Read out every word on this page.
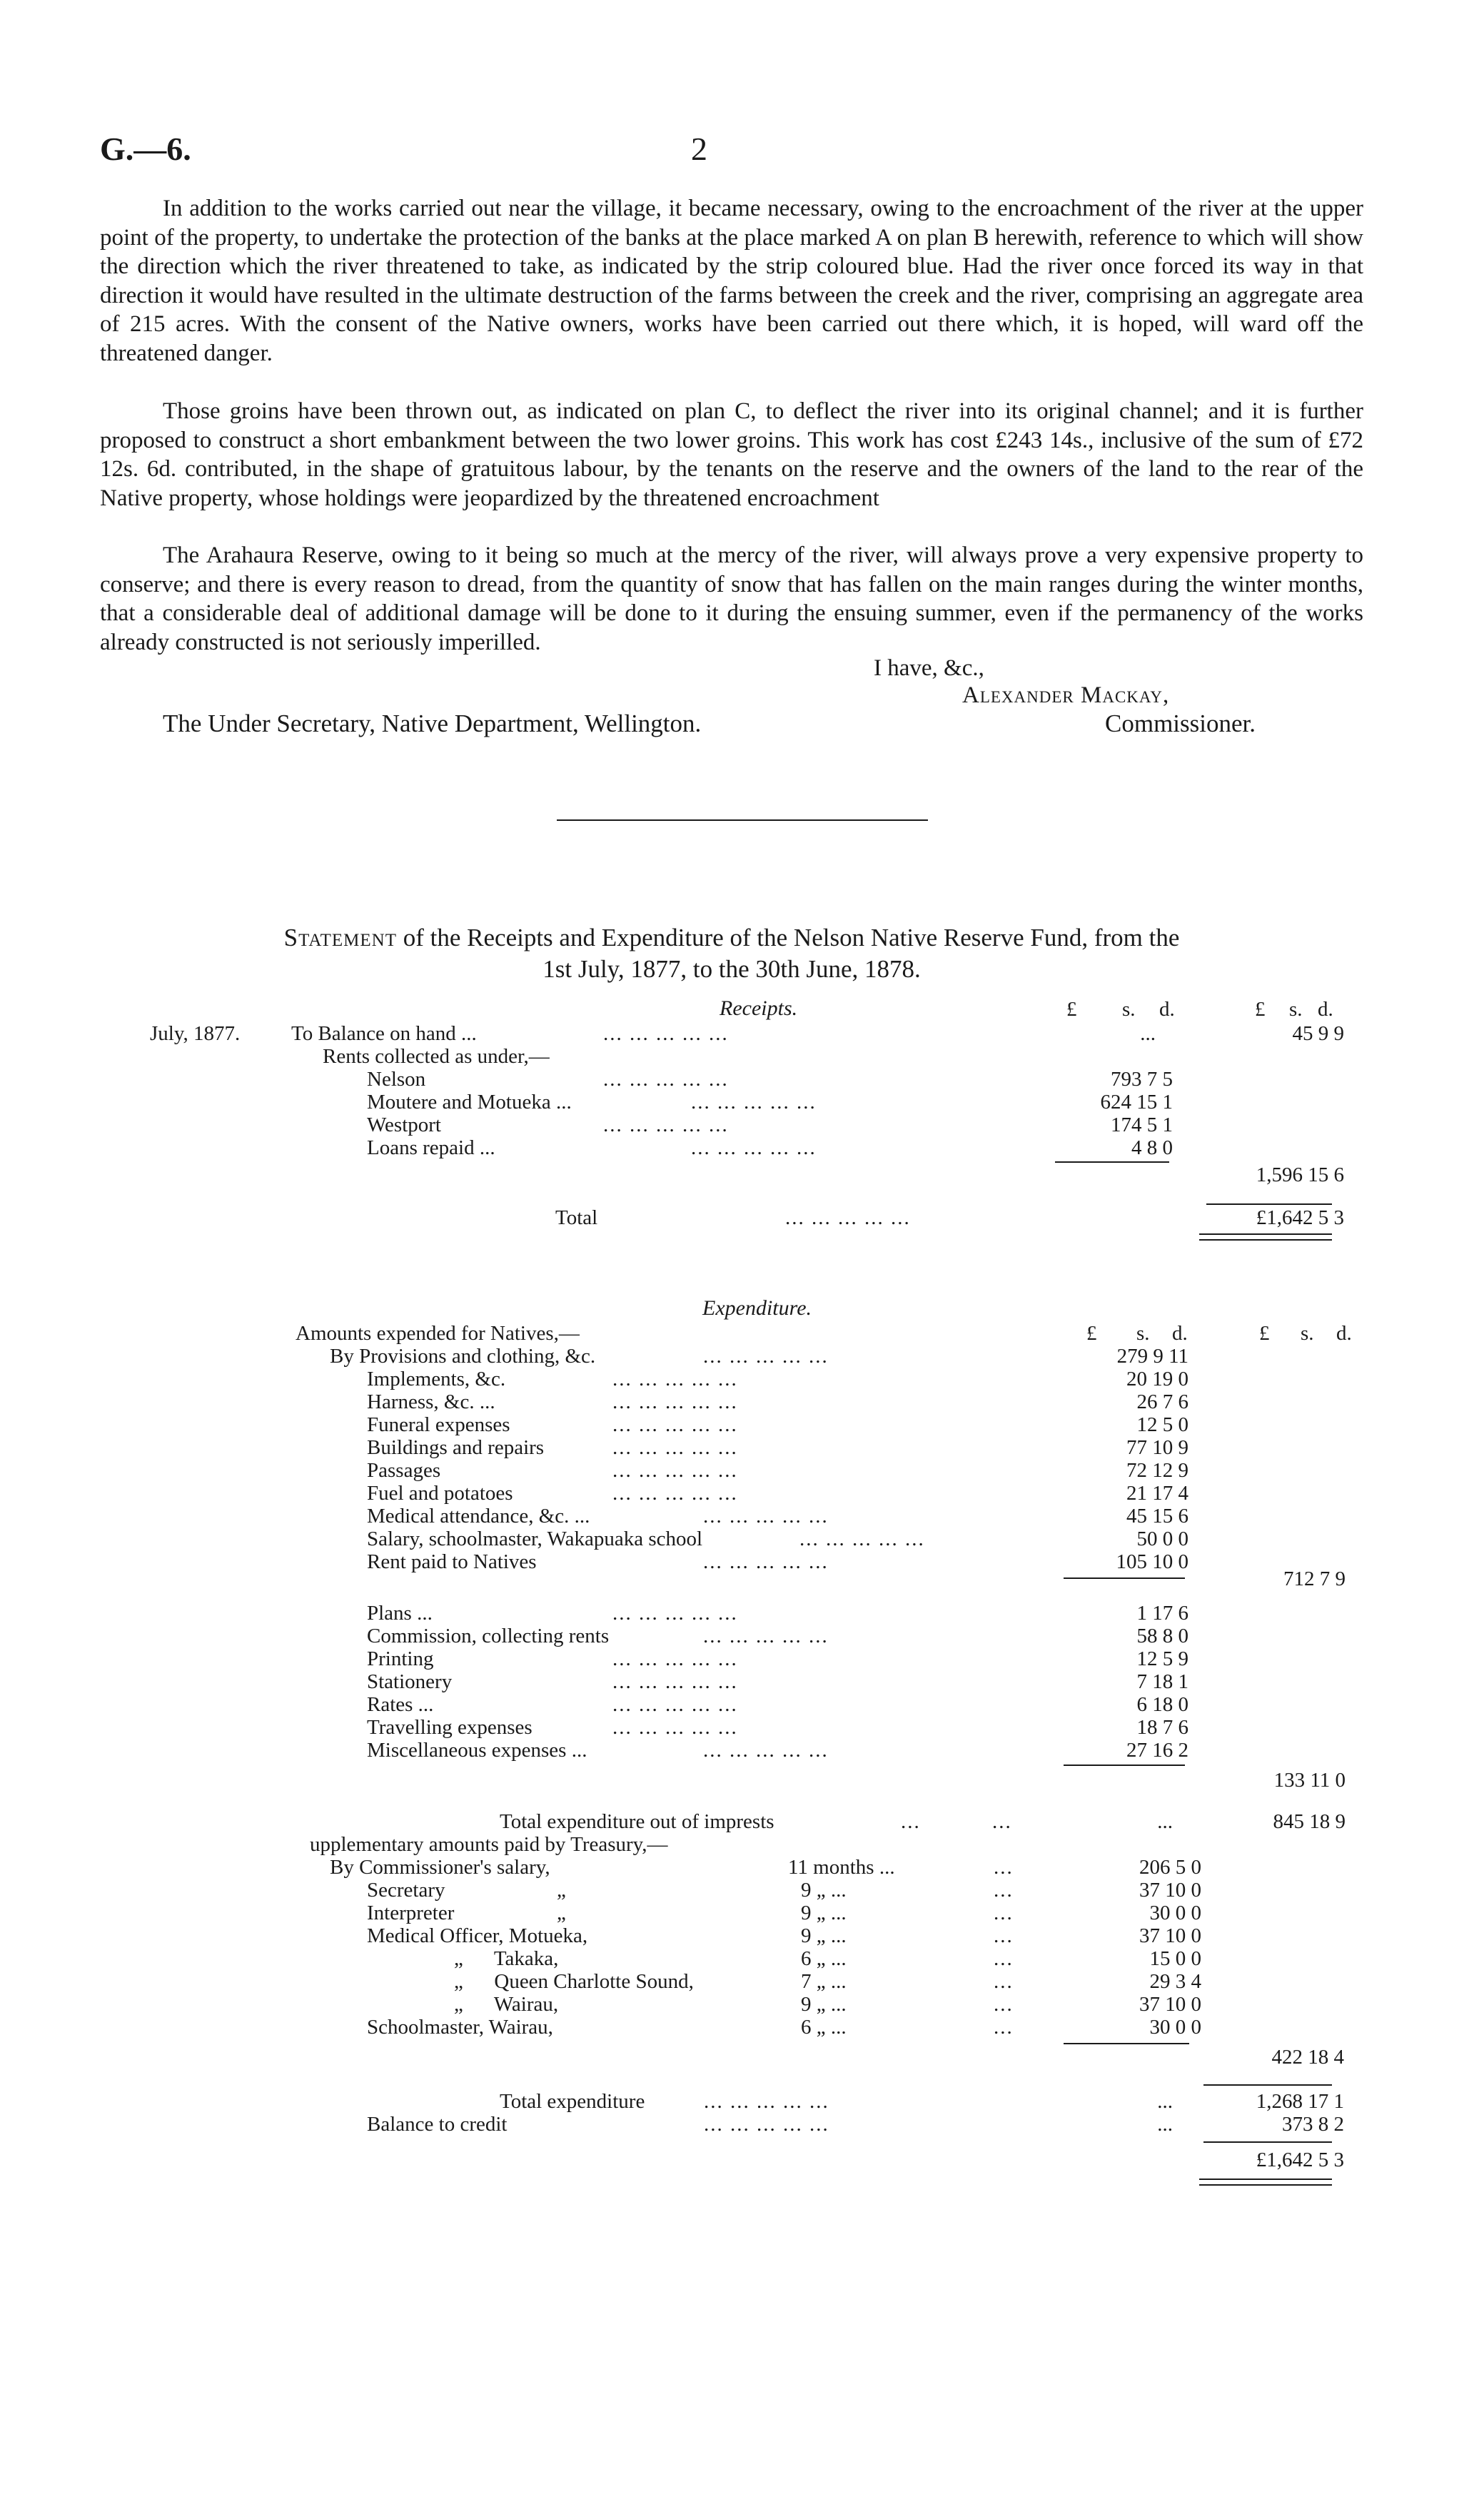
G.—6.	2

In addition to the works carried out near the village, it became necessary, owing to the encroachment of the river at the upper point of the property, to undertake the protection of the banks at the place marked A on plan B herewith, reference to which will show the direction which the river threatened to take, as indicated by the strip coloured blue. Had the river once forced its way in that direction it would have resulted in the ultimate destruction of the farms between the creek and the river, comprising an aggregate area of 215 acres. With the consent of the Native owners, works have been carried out there which, it is hoped, will ward off the threatened danger.

Those groins have been thrown out, as indicated on plan C, to deflect the river into its original channel; and it is further proposed to construct a short embankment between the two lower groins. This work has cost £243 14s., inclusive of the sum of £72 12s. 6d. contributed, in the shape of gratuitous labour, by the tenants on the reserve and the owners of the land to the rear of the Native property, whose holdings were jeopardized by the threatened encroachment

The Arahaura Reserve, owing to it being so much at the mercy of the river, will always prove a very expensive property to conserve; and there is every reason to dread, from the quantity of snow that has fallen on the main ranges during the winter months, that a considerable deal of additional damage will be done to it during the ensuing summer, even if the permanency of the works already constructed is not seriously imperilled.

I have, &c.,
Alexander Mackay,
The Under Secretary, Native Department, Wellington.	Commissioner.

Statement of the Receipts and Expenditure of the Nelson Native Reserve Fund, from the
1st July, 1877, to the 30th June, 1878.

Receipts.	£ s. d.	£ s. d.
July, 1877. To Balance on hand ...	... ... ... ... ...	...	45 9 9
Rents collected as under,—
Nelson	... ... ... ... ...	793 7 5
Moutere and Motueka ...	... ... ... ... ...	624 15 1
Westport	... ... ... ... ...	174 5 1
Loans repaid ...	... ... ... ... ...	4 8 0
1,596 15 6
Total	... ... ... ... ...	£1,642 5 3
Expenditure.
Amounts expended for Natives,—	£ s. d.	£ s. d.
By Provisions and clothing, &c.	... ... ... ... ...	279 9 11
Implements, &c.	... ... ... ... ...	20 19 0
Harness, &c. ...	... ... ... ... ...	26 7 6
Funeral expenses	... ... ... ... ...	12 5 0
Buildings and repairs	... ... ... ... ...	77 10 9
Passages	... ... ... ... ...	72 12 9
Fuel and potatoes	... ... ... ... ...	21 17 4
Medical attendance, &c. ...	... ... ... ... ...	45 15 6
Salary, schoolmaster, Wakapuaka school	... ... ... ... ...	50 0 0
Rent paid to Natives	... ... ... ... ...	105 10 0
712 7 9
Plans ...	... ... ... ... ...	1 17 6
Commission, collecting rents	... ... ... ... ...	58 8 0
Printing	... ... ... ... ...	12 5 9
Stationery	... ... ... ... ...	7 18 1
Rates ...	... ... ... ... ...	6 18 0
Travelling expenses	... ... ... ... ...	18 7 6
Miscellaneous expenses ...	... ... ... ... ...	27 16 2
133 11 0
Total expenditure out of imprests	...	...	...	845 18 9
upplementary amounts paid by Treasury,—
By Commissioner's salary,	11 months ...	...	206 5 0
Secretary	„	9 „ ...	...	37 10 0
Interpreter	„	9 „ ...	...	30 0 0
Medical Officer, Motueka,	9 „ ...	...	37 10 0
„      Takaka,	6 „ ...	...	15 0 0
„      Queen Charlotte Sound,	7 „ ...	...	29 3 4
„      Wairau,	9 „ ...	...	37 10 0
Schoolmaster, Wairau,	6 „ ...	...	30 0 0
422 18 4
Total expenditure	... ... ... ... ...	...	1,268 17 1
Balance to credit	... ... ... ... ...	...	373 8 2
£1,642 5 3
